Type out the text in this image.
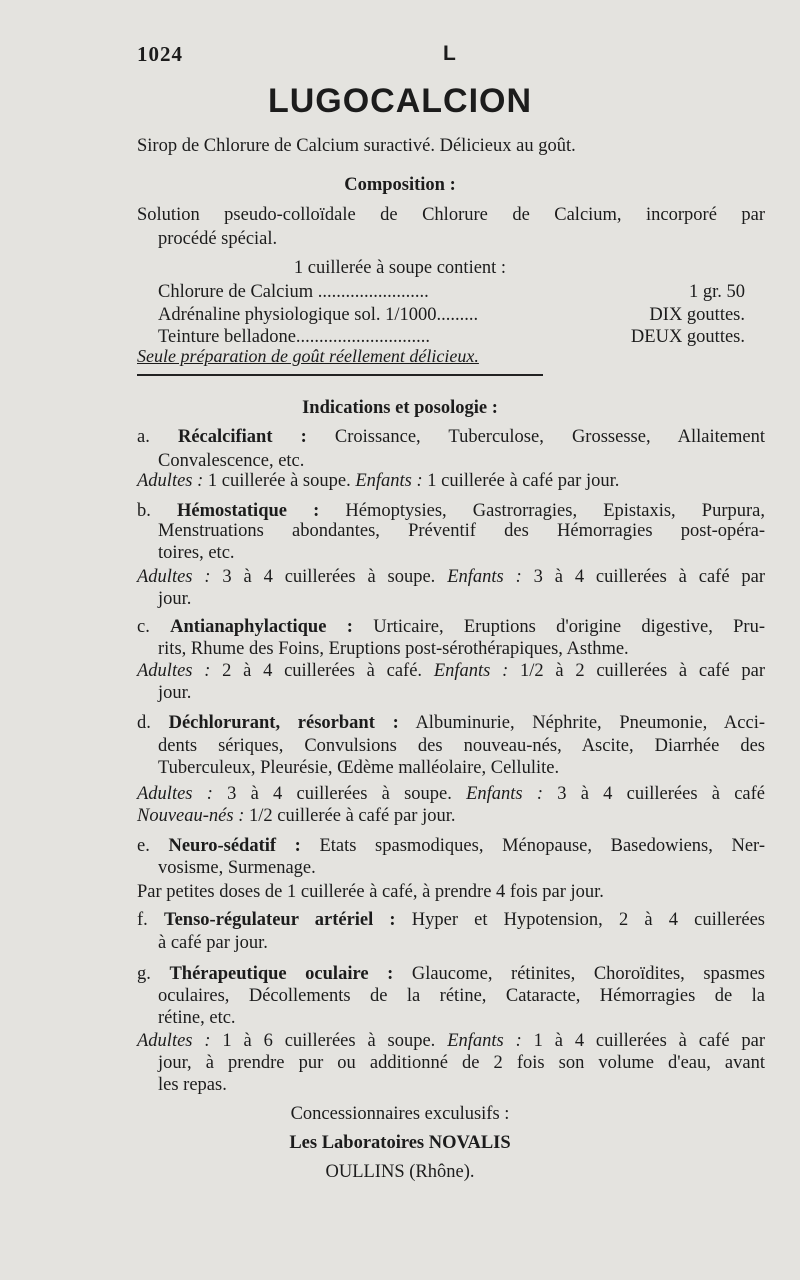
1024	L
LUGOCALCION
Sirop de Chlorure de Calcium suractivé. Délicieux au goût.
Composition :
Solution pseudo-colloïdale de Chlorure de Calcium, incorporé par
procédé spécial.
1 cuillerée à soupe contient :
Chlorure de Calcium ........................	1 gr. 50
Adrénaline physiologique sol. 1/1000.........	DIX gouttes.
Teinture belladone.............................	DEUX gouttes.
Seule préparation de goût réellement délicieux.
Indications et posologie :
a. Récalcifiant : Croissance, Tuberculose, Grossesse, Allaitement
Convalescence, etc.
Adultes : 1 cuillerée à soupe. Enfants : 1 cuillerée à café par jour.
b. Hémostatique : Hémoptysies, Gastrorragies, Epistaxis, Purpura,
Menstruations abondantes, Préventif des Hémorragies post-opéra-
toires, etc.
Adultes : 3 à 4 cuillerées à soupe. Enfants : 3 à 4 cuillerées à café par
jour.
c. Antianaphylactique : Urticaire, Eruptions d'origine digestive, Pru-
rits, Rhume des Foins, Eruptions post-sérothérapiques, Asthme.
Adultes : 2 à 4 cuillerées à café. Enfants : 1/2 à 2 cuillerées à café par
jour.
d. Déchlorurant, résorbant : Albuminurie, Néphrite, Pneumonie, Acci-
dents sériques, Convulsions des nouveau-nés, Ascite, Diarrhée des
Tuberculeux, Pleurésie, Œdème malléolaire, Cellulite.
Adultes : 3 à 4 cuillerées à soupe. Enfants : 3 à 4 cuillerées à café
Nouveau-nés : 1/2 cuillerée à café par jour.
e. Neuro-sédatif : Etats spasmodiques, Ménopause, Basedowiens, Ner-
vosisme, Surmenage.
Par petites doses de 1 cuillerée à café, à prendre 4 fois par jour.
f. Tenso-régulateur artériel : Hyper et Hypotension, 2 à 4 cuillerées
à café par jour.
g. Thérapeutique oculaire : Glaucome, rétinites, Choroïdites, spasmes
oculaires, Décollements de la rétine, Cataracte, Hémorragies de la
rétine, etc.
Adultes : 1 à 6 cuillerées à soupe. Enfants : 1 à 4 cuillerées à café par
jour, à prendre pur ou additionné de 2 fois son volume d'eau, avant
les repas.
Concessionnaires exculusifs :
Les Laboratoires NOVALIS
OULLINS (Rhône).
